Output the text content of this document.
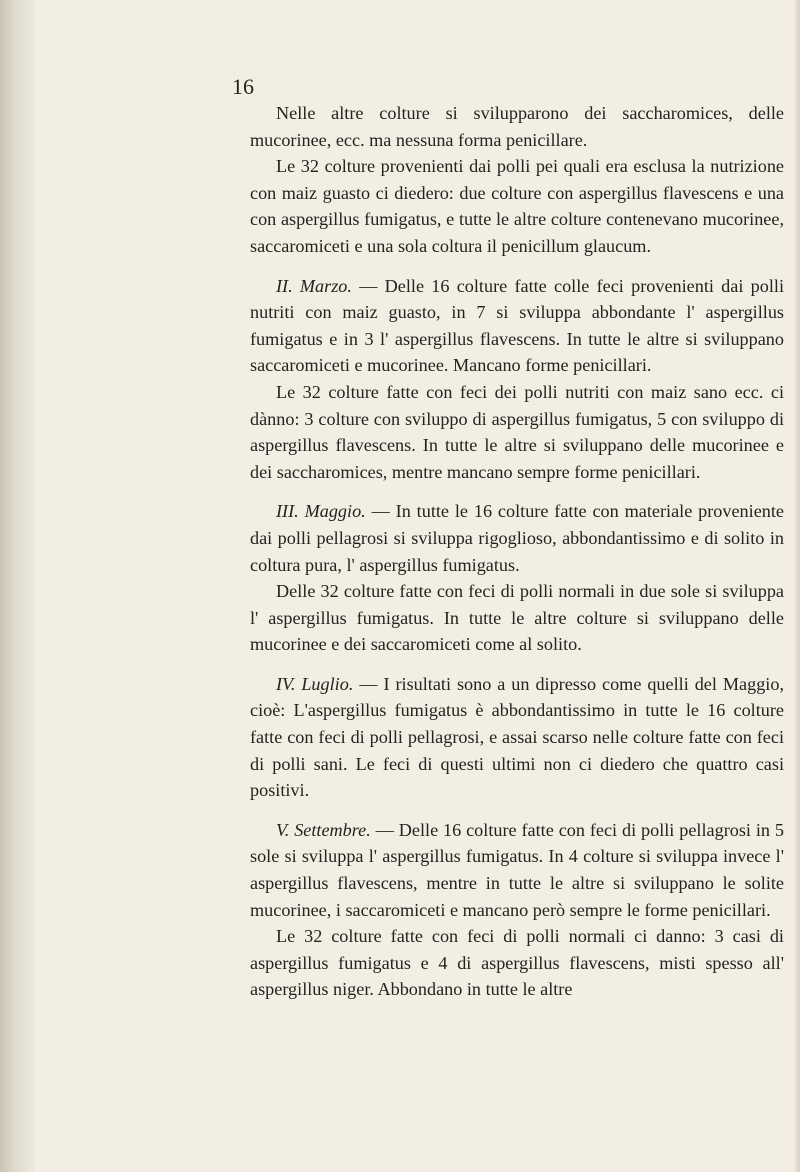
16

Nelle altre colture si svilupparono dei saccharomices, delle mucorinee, ecc. ma nessuna forma penicillare.

Le 32 colture provenienti dai polli pei quali era esclusa la nutrizione con maiz guasto ci diedero: due colture con aspergillus flavescens e una con aspergillus fumigatus, e tutte le altre colture contenevano mucorinee, saccaromiceti e una sola coltura il penicillum glaucum.

II. Marzo. — Delle 16 colture fatte colle feci provenienti dai polli nutriti con maiz guasto, in 7 si sviluppa abbondante l' aspergillus fumigatus e in 3 l' aspergillus flavescens. In tutte le altre si sviluppano saccaromiceti e mucorinee. Mancano forme penicillari.

Le 32 colture fatte con feci dei polli nutriti con maiz sano ecc. ci dànno: 3 colture con sviluppo di aspergillus fumigatus, 5 con sviluppo di aspergillus flavescens. In tutte le altre si sviluppano delle mucorinee e dei saccharomices, mentre mancano sempre forme penicillari.

III. Maggio. — In tutte le 16 colture fatte con materiale proveniente dai polli pellagrosi si sviluppa rigoglioso, abbondantissimo e di solito in coltura pura, l' aspergillus fumigatus.

Delle 32 colture fatte con feci di polli normali in due sole si sviluppa l' aspergillus fumigatus. In tutte le altre colture si sviluppano delle mucorinee e dei saccaromiceti come al solito.

IV. Luglio. — I risultati sono a un dipresso come quelli del Maggio, cioè: L'aspergillus fumigatus è abbondantissimo in tutte le 16 colture fatte con feci di polli pellagrosi, e assai scarso nelle colture fatte con feci di polli sani. Le feci di questi ultimi non ci diedero che quattro casi positivi.

V. Settembre. — Delle 16 colture fatte con feci di polli pellagrosi in 5 sole si sviluppa l' aspergillus fumigatus. In 4 colture si sviluppa invece l' aspergillus flavescens, mentre in tutte le altre si sviluppano le solite mucorinee, i saccaromiceti e mancano però sempre le forme penicillari.

Le 32 colture fatte con feci di polli normali ci danno: 3 casi di aspergillus fumigatus e 4 di aspergillus flavescens, misti spesso all' aspergillus niger. Abbondano in tutte le altre
